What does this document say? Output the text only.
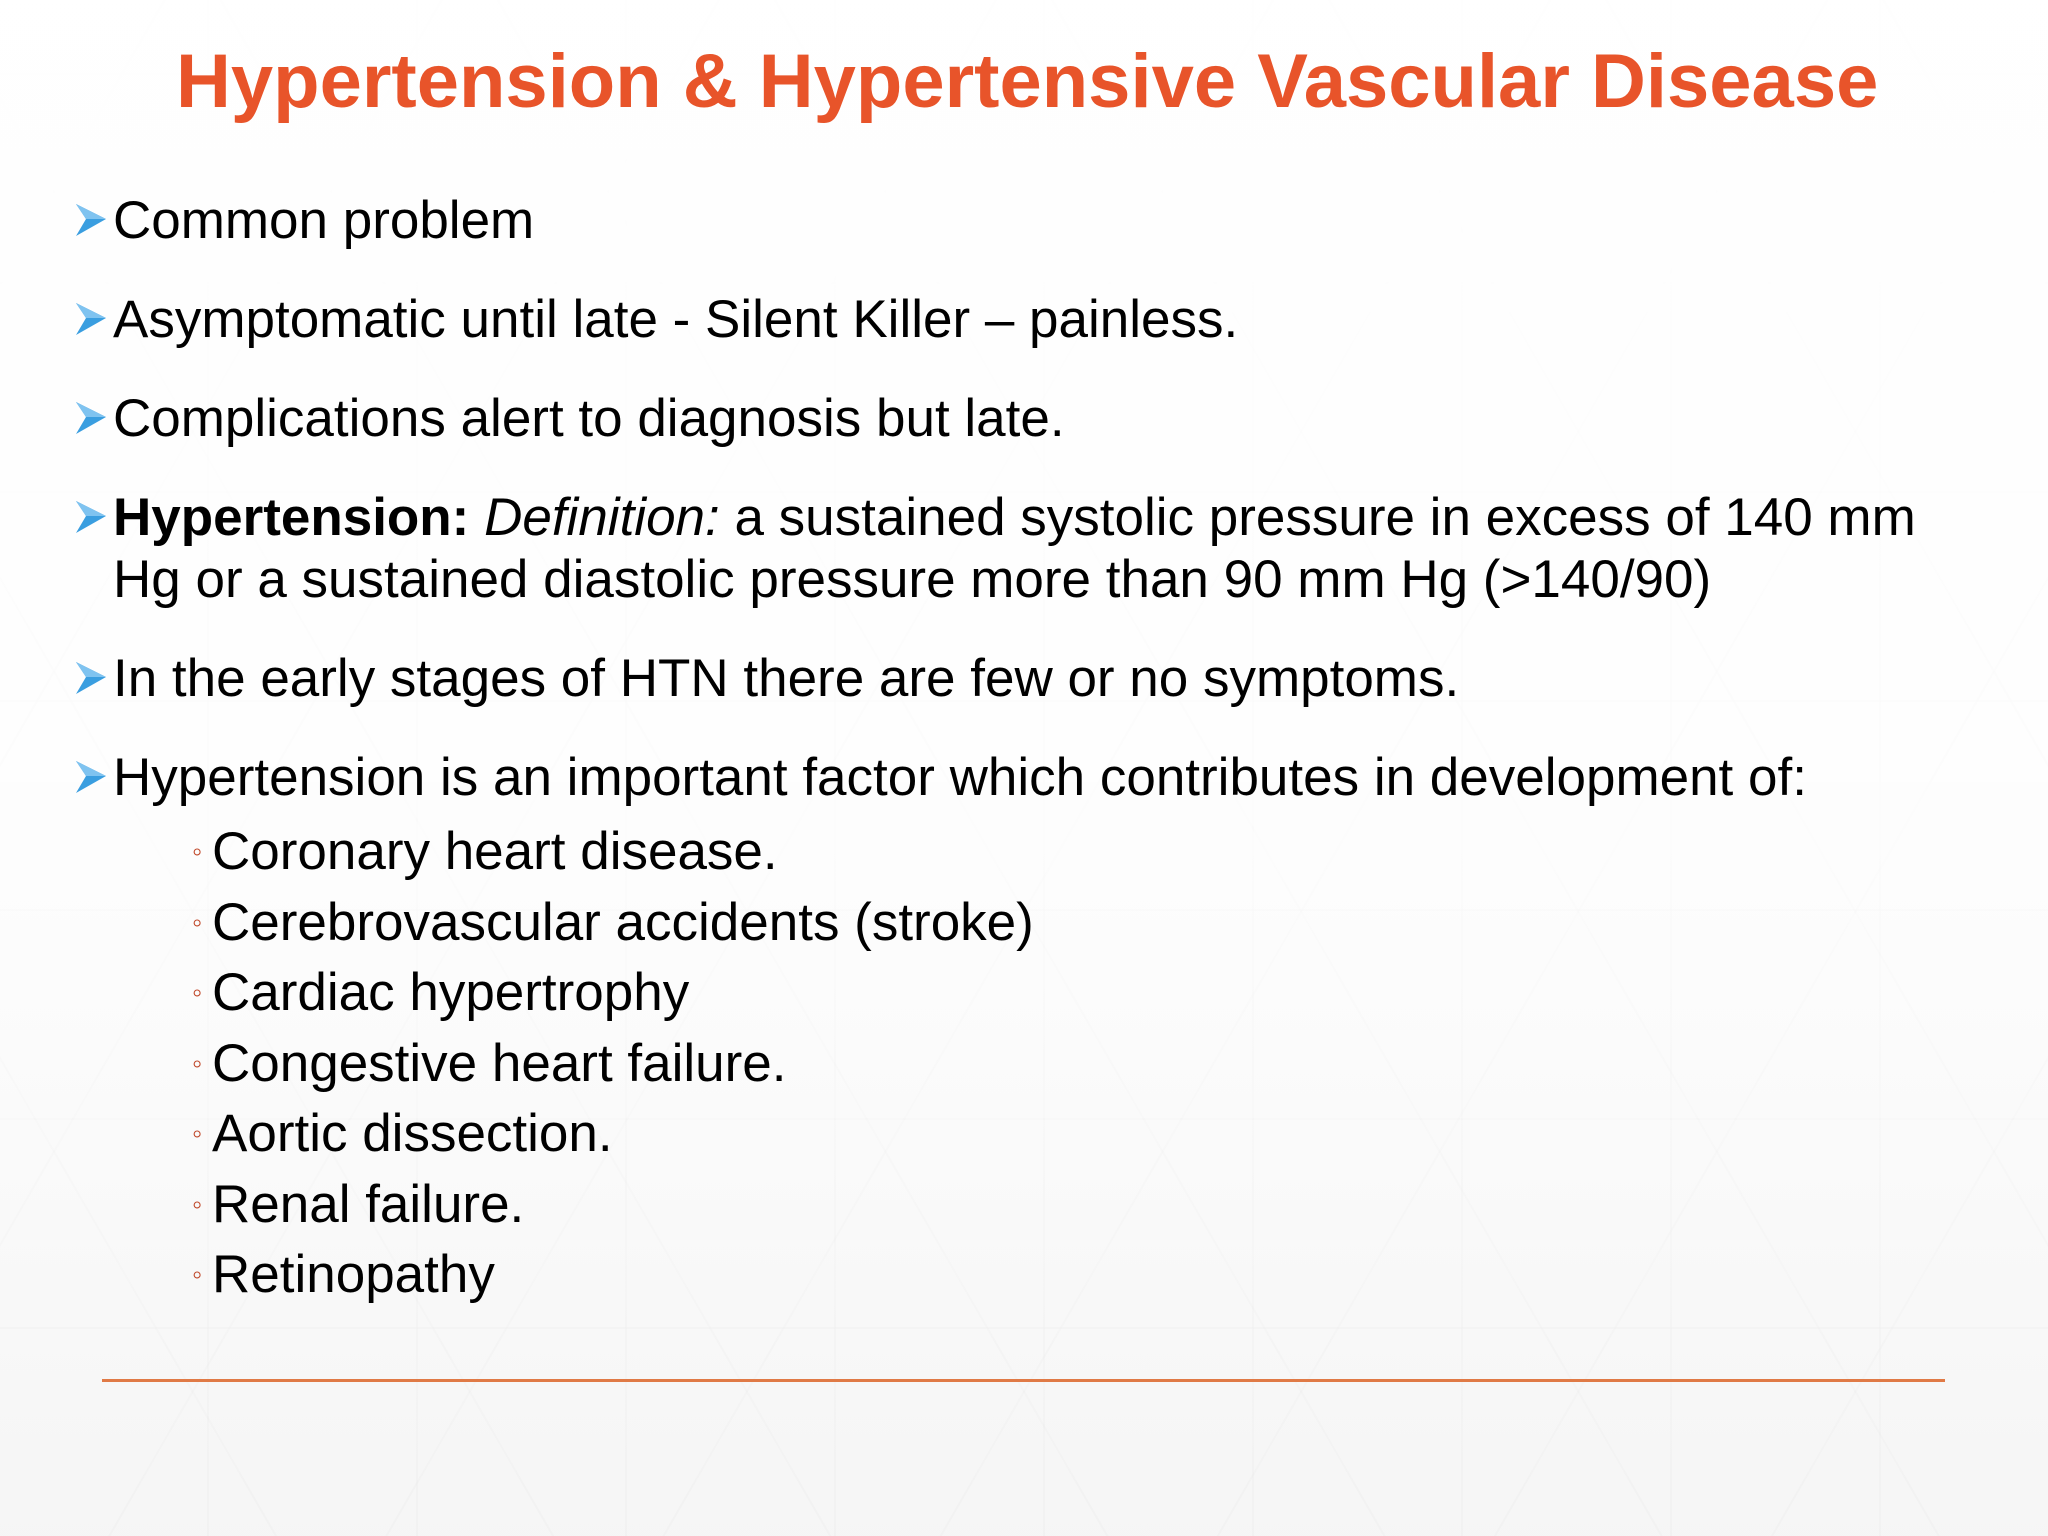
Hypertension & Hypertensive Vascular Disease
Common problem
Asymptomatic until late - Silent Killer – painless.
Complications alert to diagnosis but late.
Hypertension: Definition: a sustained systolic pressure in excess of 140 mm Hg or a sustained diastolic pressure more than 90 mm Hg (>140/90)
In the early stages of HTN there are few or no symptoms.
Hypertension is an important factor which contributes in development of:
◦ Coronary heart disease.
◦ Cerebrovascular accidents (stroke)
◦ Cardiac hypertrophy
◦ Congestive heart failure.
◦ Aortic dissection.
◦ Renal failure.
◦ Retinopathy
